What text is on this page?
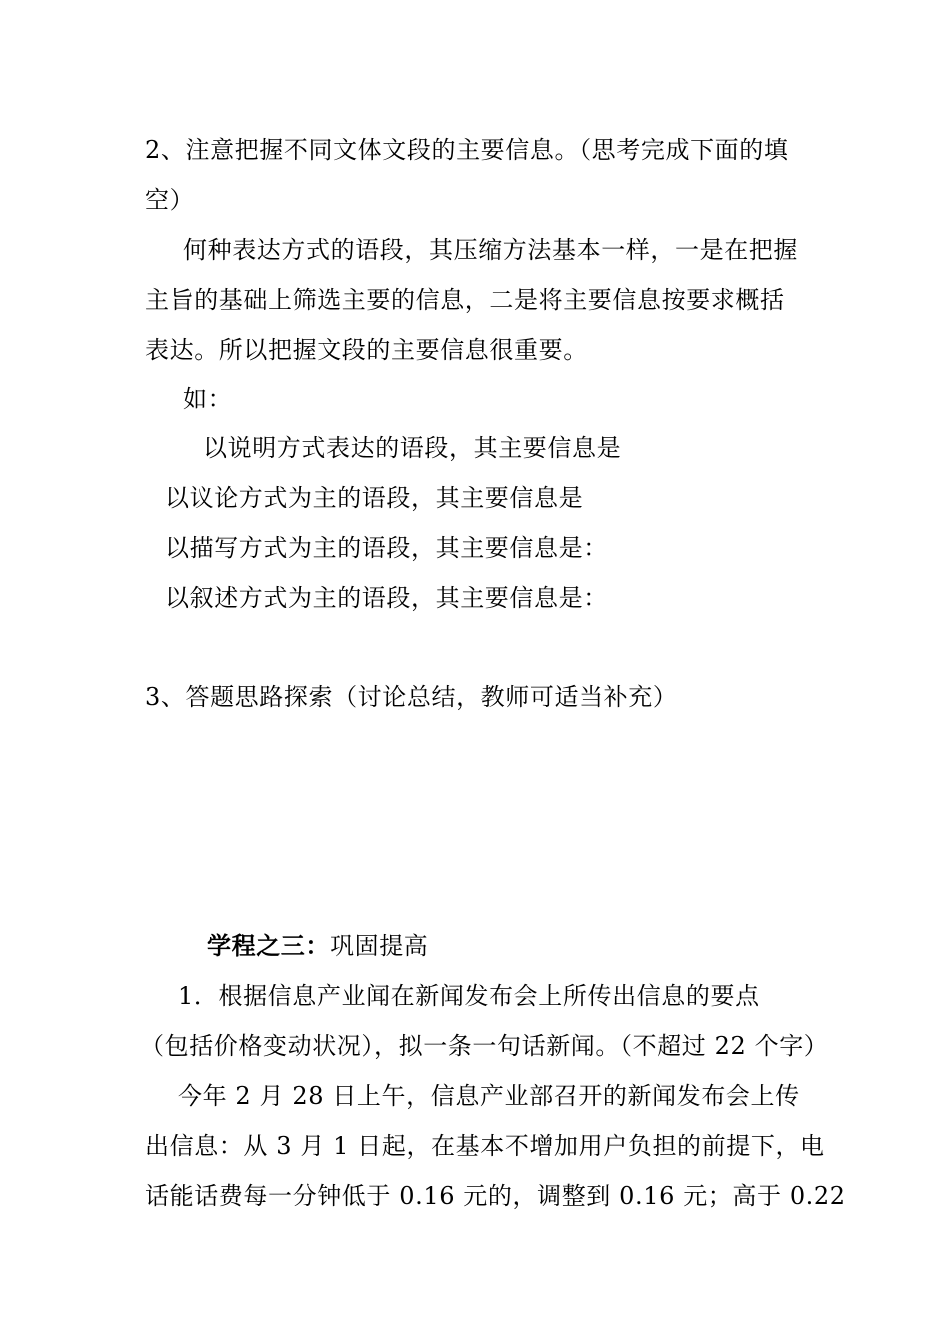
2、注意把握不同文体文段的主要信息。（思考完成下面的填
空）
何种表达方式的语段，其压缩方法基本一样，一是在把握
主旨的基础上筛选主要的信息，二是将主要信息按要求概括
表达。所以把握文段的主要信息很重要。
如：
以说明方式表达的语段，其主要信息是
以议论方式为主的语段，其主要信息是
以描写方式为主的语段，其主要信息是：
以叙述方式为主的语段，其主要信息是：
3、答题思路探索（讨论总结，教师可适当补充）
学程之三：巩固提高
1．根据信息产业闻在新闻发布会上所传出信息的要点
（包括价格变动状况），拟一条一句话新闻。（不超过 22 个字）
今年 2 月 28 日上午，信息产业部召开的新闻发布会上传
出信息：从 3 月 1 日起，在基本不增加用户负担的前提下，电
话能话费每一分钟低于 0.16 元的，调整到 0.16 元；高于 0.22
